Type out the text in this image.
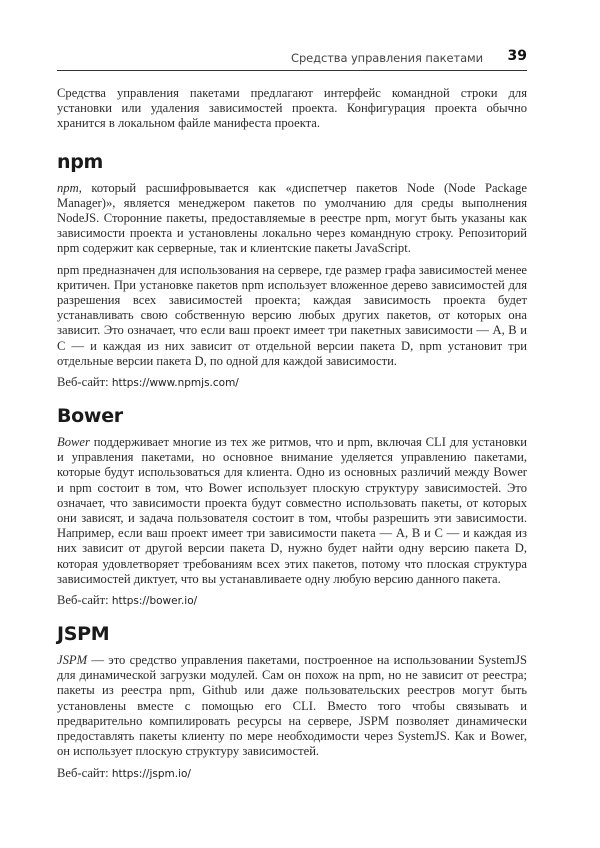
Средства управления пакетами 39

Средства управления пакетами предлагают интерфейс командной строки для установки или удаления зависимостей проекта. Конфигурация проекта обычно хранится в локальном файле манифеста проекта.

npm

npm, который расшифровывается как «диспетчер пакетов Node (Node Package Manager)», является менеджером пакетов по умолчанию для среды выполнения NodeJS. Сторонние пакеты, предоставляемые в реестре npm, могут быть указаны как зависимости проекта и установлены локально через командную строку. Репозиторий npm содержит как серверные, так и клиентские пакеты JavaScript.

npm предназначен для использования на сервере, где размер графа зависимостей менее критичен. При установке пакетов npm использует вложенное дерево зависимостей для разрешения всех зависимостей проекта; каждая зависимость проекта будет устанавливать свою собственную версию любых других пакетов, от которых она зависит. Это означает, что если ваш проект имеет три пакетных зависимости — A, B и C — и каждая из них зависит от отдельной версии пакета D, npm установит три отдельные версии пакета D, по одной для каждой зависимости.

Веб-сайт: https://www.npmjs.com/
Bower

Bower поддерживает многие из тех же ритмов, что и npm, включая CLI для установки и управления пакетами, но основное внимание уделяется управлению пакетами, которые будут использоваться для клиента. Одно из основных различий между Bower и npm состоит в том, что Bower использует плоскую структуру зависимостей. Это означает, что зависимости проекта будут совместно использовать пакеты, от которых они зависят, и задача пользователя состоит в том, чтобы разрешить эти зависимости. Например, если ваш проект имеет три зависимости пакета — A, B и C — и каждая из них зависит от другой версии пакета D, нужно будет найти одну версию пакета D, которая удовлетворяет требованиям всех этих пакетов, потому что плоская структура зависимостей диктует, что вы устанавливаете одну любую версию данного пакета.

Веб-сайт: https://bower.io/
JSPM

JSPM — это средство управления пакетами, построенное на использовании SystemJS для динамической загрузки модулей. Сам он похож на npm, но не зависит от реестра; пакеты из реестра npm, Github или даже пользовательских реестров могут быть установлены вместе с помощью его CLI. Вместо того чтобы связывать и предварительно компилировать ресурсы на сервере, JSPM позволяет динамически предоставлять пакеты клиенту по мере необходимости через SystemJS. Как и Bower, он использует плоскую структуру зависимостей.

Веб-сайт: https://jspm.io/
